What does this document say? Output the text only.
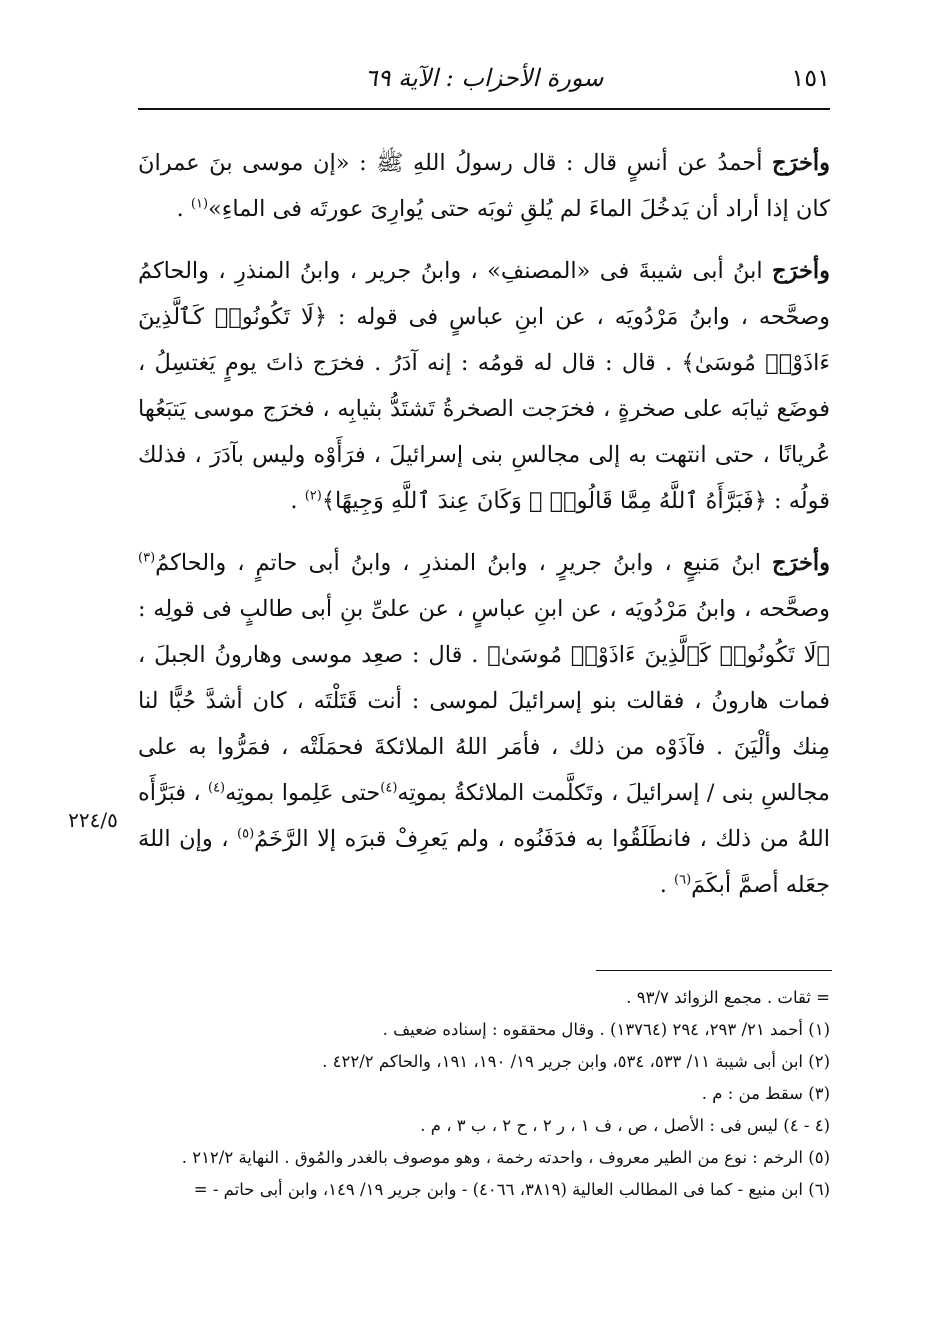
سورة الأحزاب : الآية ٦٩	١٥١

وأخرَج أحمدُ عن أنسٍ قال : قال رسولُ اللهِ ﷺ : «إن موسى بنَ عمرانَ كان إذا أراد أن يَدخُلَ الماءَ لم يُلقِ ثوبَه حتى يُوارِىَ عورتَه فى الماءِ»$^{(١)}$ .

وأخرَج ابنُ أبى شيبةَ فى «المصنفِ» ، وابنُ جرير ، وابنُ المنذرِ ، والحاكمُ وصحَّحه ، وابنُ مَرْدُويَه ، عن ابنِ عباسٍ فى قوله : ﴿لَا تَكُونُوا۟ كَٱلَّذِينَ ءَاذَوْا۟ مُوسَىٰ﴾ . قال : قال له قومُه : إنه آدَرُ . فخرَج ذاتَ يومٍ يَغتسِلُ ، فوضَع ثيابَه على صخرةٍ ، فخرَجت الصخرةُ تَشتَدُّ بثيابِه ، فخرَج موسى يَتبَعُها عُريانًا ، حتى انتهت به إلى مجالسِ بنى إسرائيلَ ، فرَأَوْه وليس بآدَرَ ، فذلك قولُه : ﴿فَبَرَّأَهُ ٱللَّهُ مِمَّا قَالُوا۟ ۚ وَكَانَ عِندَ ٱللَّهِ وَجِيهًا﴾$^{(٢)}$ .

وأخرَج ابنُ مَنيعٍ ، وابنُ جريرٍ ، وابنُ المنذرِ ، وابنُ أبى حاتمٍ ، والحاكمُ$^{(٣)}$ وصحَّحه ، وابنُ مَرْدُويَه ، عن ابنِ عباسٍ ، عن علىِّ بنِ أبى طالبٍ فى قولِه : ﴿لَا تَكُونُوا۟ كَٱلَّذِينَ ءَاذَوْا۟ مُوسَىٰ﴾ . قال : صعِد موسى وهارونُ الجبلَ ، فمات هارونُ ، فقالت بنو إسرائيلَ لموسى : أنت قَتَلْتَه ، كان أشدَّ حُبًّا لنا مِنك وألْيَنَ . فآذَوْه من ذلك ، فأمَر اللهُ الملائكةَ فحمَلَتْه ، فمَرُّوا به على مجالسِ بنى / إسرائيلَ ، وتَكلَّمت الملائكةُ بموتِه$^{(٤)}$حتى عَلِموا بموتِه$^{(٤)}$ ، فبَرَّأَه اللهُ من ذلك ، فانطَلَقُوا به فدَفَنُوه ، ولم يَعرِفْ قبرَه إلا الرَّخَمُ$^{(٥)}$ ، وإن اللهَ جعَله أصمَّ أبكَمَ$^{(٦)}$ .

٢٢٤/٥

= ثقات . مجمع الزوائد ٩٣/٧ .

(١) أحمد ٢١/ ٢٩٣، ٢٩٤ (١٣٧٦٤) . وقال محققوه : إسناده ضعيف .

(٢) ابن أبى شيبة ١١/ ٥٣٣، ٥٣٤، وابن جرير ١٩/ ١٩٠، ١٩١، والحاكم ٤٢٢/٢ .

(٣) سقط من : م .

(٤ - ٤) ليس فى : الأصل ، ص ، ف ١ ، ر ٢ ، ح ٢ ، ب ٣ ، م .

(٥) الرخم : نوع من الطير معروف ، واحدته رخمة ، وهو موصوف بالغدر والمُوق . النهاية ٢١٢/٢ .

(٦) ابن منيع - كما فى المطالب العالية (٣٨١٩، ٤٠٦٦) - وابن جرير ١٩/ ١٤٩، وابن أبى حاتم - =
